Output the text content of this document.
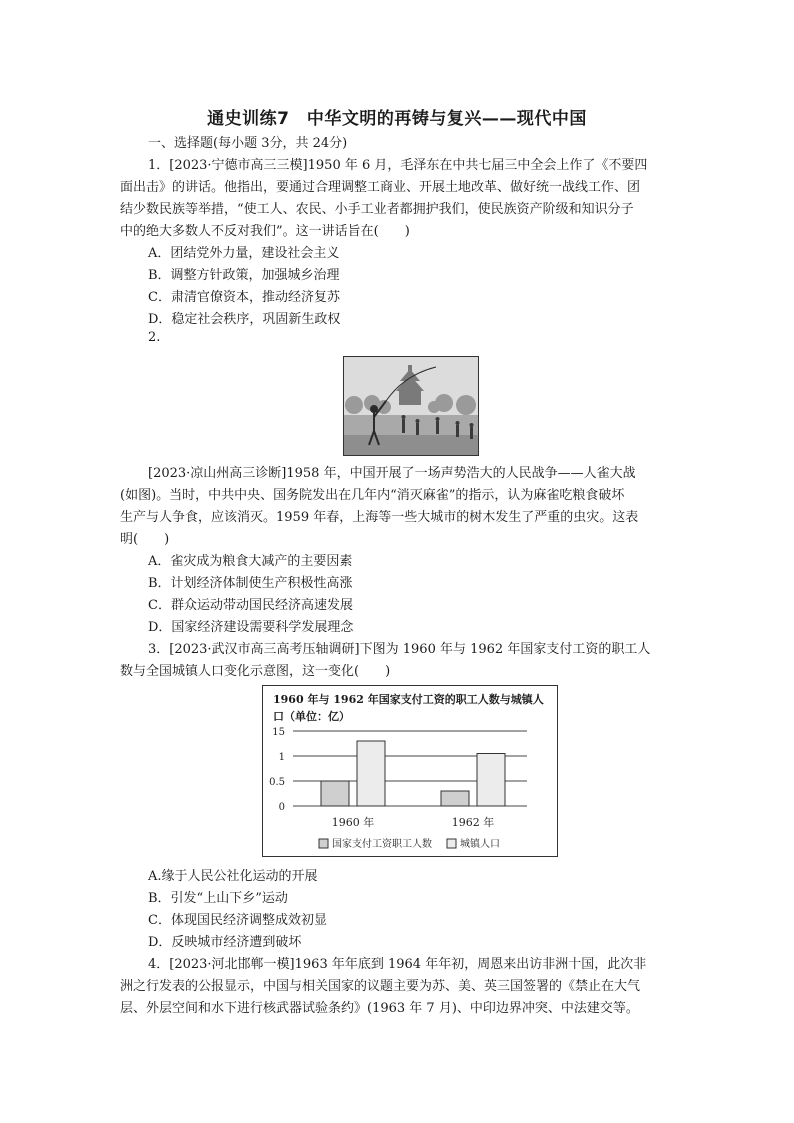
通史训练7　中华文明的再铸与复兴——现代中国
一、选择题(每小题 3分，共 24分)
1．[2023·宁德市高三三模]1950 年 6 月，毛泽东在中共七届三中全会上作了《不要四
面出击》的讲话。他指出，要通过合理调整工商业、开展土地改革、做好统一战线工作、团
结少数民族等举措，“使工人、农民、小手工业者都拥护我们，使民族资产阶级和知识分子
中的绝大多数人不反对我们”。这一讲话旨在(　　)
A．团结党外力量，建设社会主义
B．调整方针政策，加强城乡治理
C．肃清官僚资本，推动经济复苏
D．稳定社会秩序，巩固新生政权
2.
[2023·凉山州高三诊断]1958 年，中国开展了一场声势浩大的人民战争——人雀大战
(如图)。当时，中共中央、国务院发出在几年内“消灭麻雀”的指示，认为麻雀吃粮食破坏
生产与人争食，应该消灭。1959 年春，上海等一些大城市的树木发生了严重的虫灾。这表
明(　　)
A．雀灾成为粮食大减产的主要因素
B．计划经济体制使生产积极性高涨
C．群众运动带动国民经济高速发展
D．国家经济建设需要科学发展理念
3．[2023·武汉市高三高考压轴调研]下图为 1960 年与 1962 年国家支付工资的职工人
数与全国城镇人口变化示意图，这一变化(　　)
1960 年与 1962 年国家支付工资的职工人数与城镇人
口（单位：亿）
15
1
0.5
0
1960 年	1962 年
国家支付工资职工人数	城镇人口
A.缘于人民公社化运动的开展
B．引发“上山下乡”运动
C．体现国民经济调整成效初显
D．反映城市经济遭到破坏
4．[2023·河北邯郸一模]1963 年年底到 1964 年年初，周恩来出访非洲十国，此次非
洲之行发表的公报显示，中国与相关国家的议题主要为苏、美、英三国签署的《禁止在大气
层、外层空间和水下进行核武器试验条约》(1963 年 7 月)、中印边界冲突、中法建交等。
